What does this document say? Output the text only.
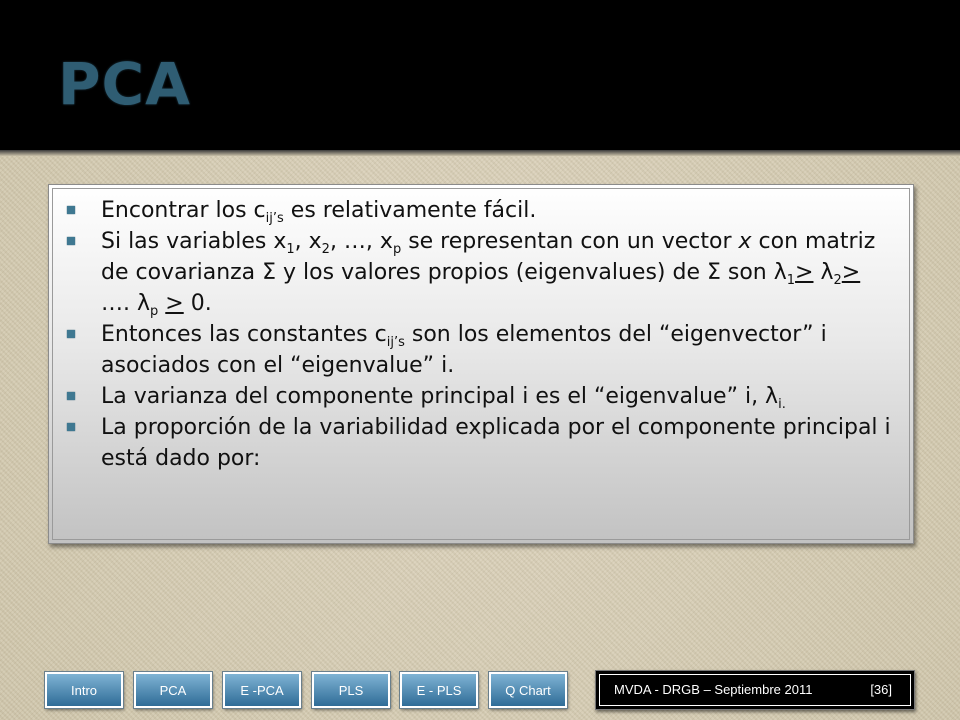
PCA
Encontrar los $c_{ij’s}$ es relativamente fácil.
Si las variables $x_1$, $x_2$, …, $x_p$ se representan con un vector x con matriz de covarianza Σ y los valores propios (eigenvalues) de Σ son $\lambda_1> \lambda_2>$ …. $\lambda_p > 0$.
Entonces las constantes $c_{ij’s}$ son los elementos del “eigenvector” i asociados con el “eigenvalue” i.
La varianza del componente principal i es el “eigenvalue” i, $\lambda_{i.}$
La proporción de la variabilidad explicada por el componente principal i está dado por:
Intro	PCA	E -PCA	PLS	E - PLS	Q Chart	MVDA - DRGB – Septiembre 2011	[36]
